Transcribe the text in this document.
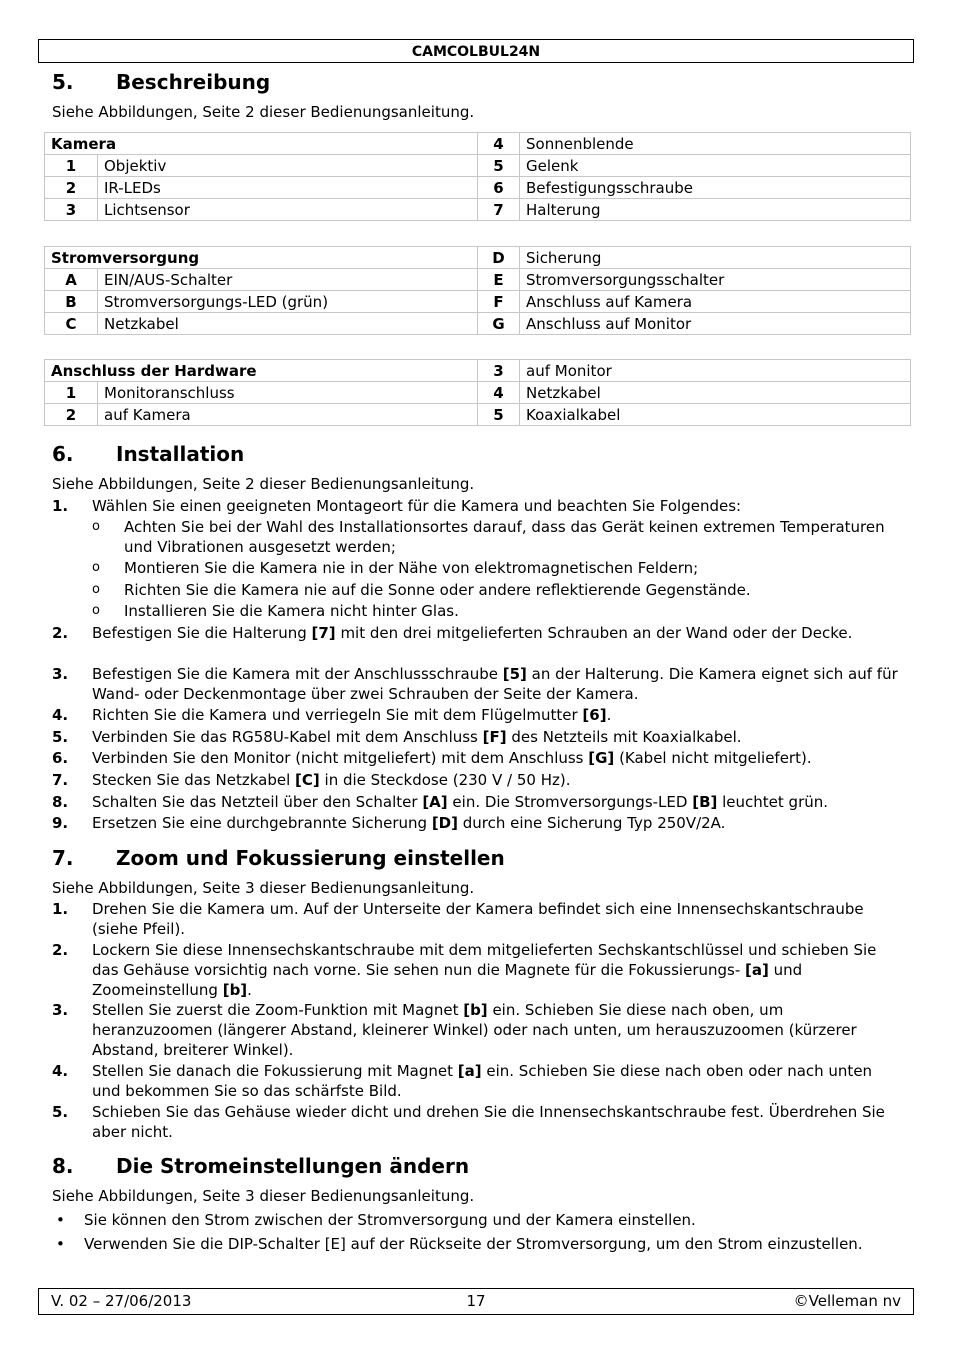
CAMCOLBUL24N
5. Beschreibung

Siehe Abbildungen, Seite 2 dieser Bedienungsanleitung.

Kamera		4	Sonnenblende
1	Objektiv	5	Gelenk
2	IR-LEDs	6	Befestigungsschraube
3	Lichtsensor	7	Halterung
Stromversorgung		D	Sicherung
A	EIN/AUS-Schalter	E	Stromversorgungsschalter
B	Stromversorgungs-LED (grün)	F	Anschluss auf Kamera
C	Netzkabel	G	Anschluss auf Monitor
Anschluss der Hardware		3	auf Monitor
1	Monitoranschluss	4	Netzkabel
2	auf Kamera	5	Koaxialkabel
6. Installation

Siehe Abbildungen, Seite 2 dieser Bedienungsanleitung.

1. Wählen Sie einen geeigneten Montageort für die Kamera und beachten Sie Folgendes:
o Achten Sie bei der Wahl des Installationsortes darauf, dass das Gerät keinen extremen Temperaturen und Vibrationen ausgesetzt werden;
o Montieren Sie die Kamera nie in der Nähe von elektromagnetischen Feldern;
o Richten Sie die Kamera nie auf die Sonne oder andere reflektierende Gegenstände.
o Installieren Sie die Kamera nicht hinter Glas.
2. Befestigen Sie die Halterung [7] mit den drei mitgelieferten Schrauben an der Wand oder der Decke.
3. Befestigen Sie die Kamera mit der Anschlussschraube [5] an der Halterung. Die Kamera eignet sich auf für Wand- oder Deckenmontage über zwei Schrauben der Seite der Kamera.
4. Richten Sie die Kamera und verriegeln Sie mit dem Flügelmutter [6].
5. Verbinden Sie das RG58U-Kabel mit dem Anschluss [F] des Netzteils mit Koaxialkabel.
6. Verbinden Sie den Monitor (nicht mitgeliefert) mit dem Anschluss [G] (Kabel nicht mitgeliefert).
7. Stecken Sie das Netzkabel [C] in die Steckdose (230 V / 50 Hz).
8. Schalten Sie das Netzteil über den Schalter [A] ein. Die Stromversorgungs-LED [B] leuchtet grün.
9. Ersetzen Sie eine durchgebrannte Sicherung [D] durch eine Sicherung Typ 250V/2A.
7. Zoom und Fokussierung einstellen

Siehe Abbildungen, Seite 3 dieser Bedienungsanleitung.

1. Drehen Sie die Kamera um. Auf der Unterseite der Kamera befindet sich eine Innensechskantschraube (siehe Pfeil).
2. Lockern Sie diese Innensechskantschraube mit dem mitgelieferten Sechskantschlüssel und schieben Sie das Gehäuse vorsichtig nach vorne. Sie sehen nun die Magnete für die Fokussierungs- [a] und Zoomeinstellung [b].
3. Stellen Sie zuerst die Zoom-Funktion mit Magnet [b] ein. Schieben Sie diese nach oben, um heranzuzoomen (längerer Abstand, kleinerer Winkel) oder nach unten, um herauszuzoomen (kürzerer Abstand, breiterer Winkel).
4. Stellen Sie danach die Fokussierung mit Magnet [a] ein. Schieben Sie diese nach oben oder nach unten und bekommen Sie so das schärfste Bild.
5. Schieben Sie das Gehäuse wieder dicht und drehen Sie die Innensechskantschraube fest. Überdrehen Sie aber nicht.
8. Die Stromeinstellungen ändern

Siehe Abbildungen, Seite 3 dieser Bedienungsanleitung.

• Sie können den Strom zwischen der Stromversorgung und der Kamera einstellen.
• Verwenden Sie die DIP-Schalter [E] auf der Rückseite der Stromversorgung, um den Strom einzustellen.
V. 02 – 27/06/2013	17	©Velleman nv
